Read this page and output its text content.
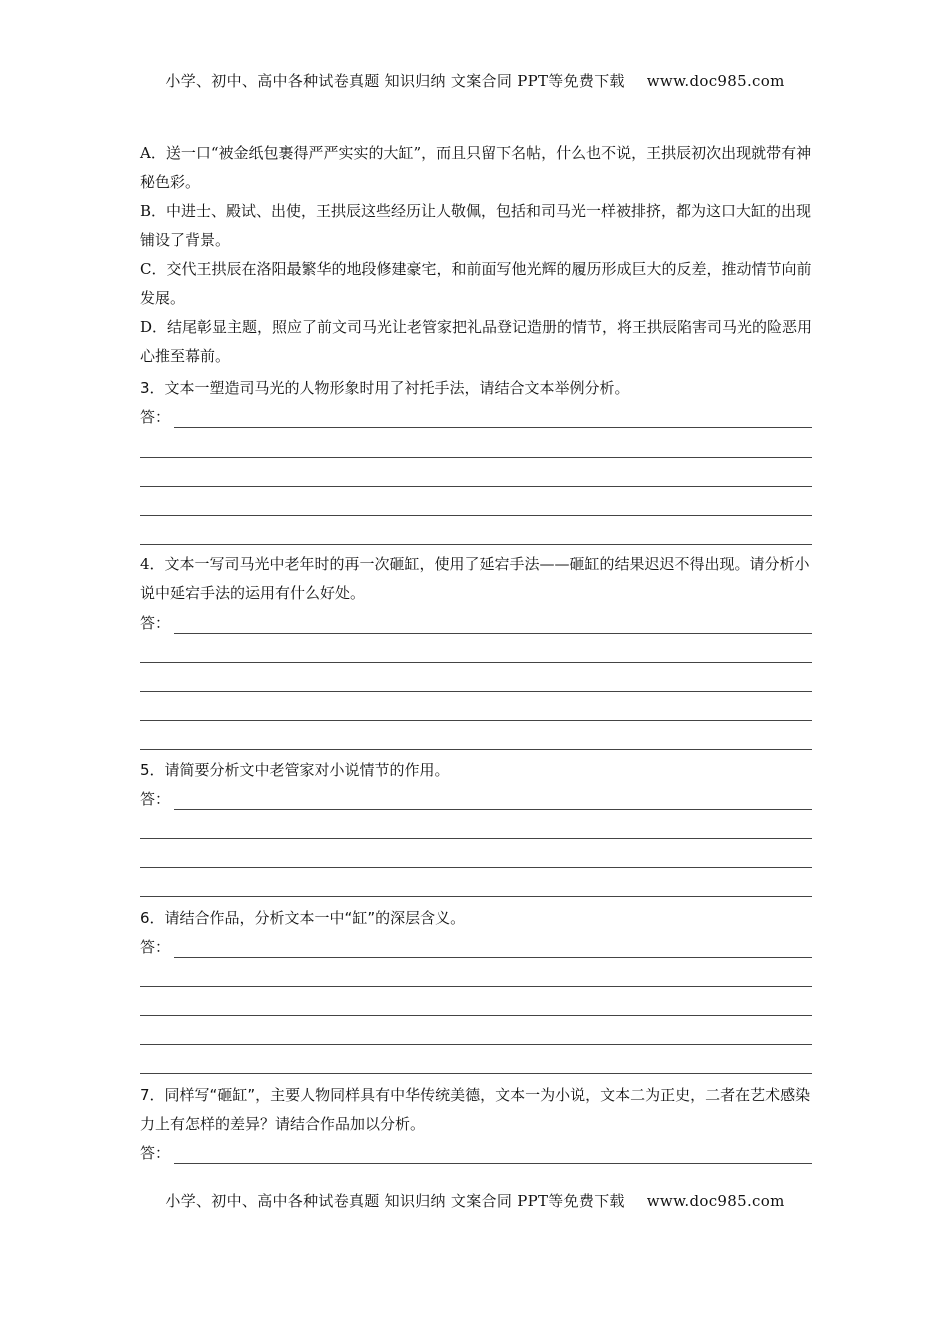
小学、初中、高中各种试卷真题 知识归纳 文案合同 PPT等免费下载 www.doc985.com

A．送一口“被金纸包裹得严严实实的大缸”，而且只留下名帖，什么也不说，王拱辰初次出现就带有神秘色彩。

B．中进士、殿试、出使，王拱辰这些经历让人敬佩，包括和司马光一样被排挤，都为这口大缸的出现铺设了背景。

C．交代王拱辰在洛阳最繁华的地段修建豪宅，和前面写他光辉的履历形成巨大的反差，推动情节向前发展。

D．结尾彰显主题，照应了前文司马光让老管家把礼品登记造册的情节，将王拱辰陷害司马光的险恶用心推至幕前。

3．文本一塑造司马光的人物形象时用了衬托手法，请结合文本举例分析。

答：

4．文本一写司马光中老年时的再一次砸缸，使用了延宕手法——砸缸的结果迟迟不得出现。请分析小说中延宕手法的运用有什么好处。

答：

5．请简要分析文中老管家对小说情节的作用。

答：

6．请结合作品，分析文本一中“缸”的深层含义。

答：

7．同样写“砸缸”，主要人物同样具有中华传统美德，文本一为小说，文本二为正史，二者在艺术感染力上有怎样的差异？请结合作品加以分析。

答：
小学、初中、高中各种试卷真题 知识归纳 文案合同 PPT等免费下载 www.doc985.com
